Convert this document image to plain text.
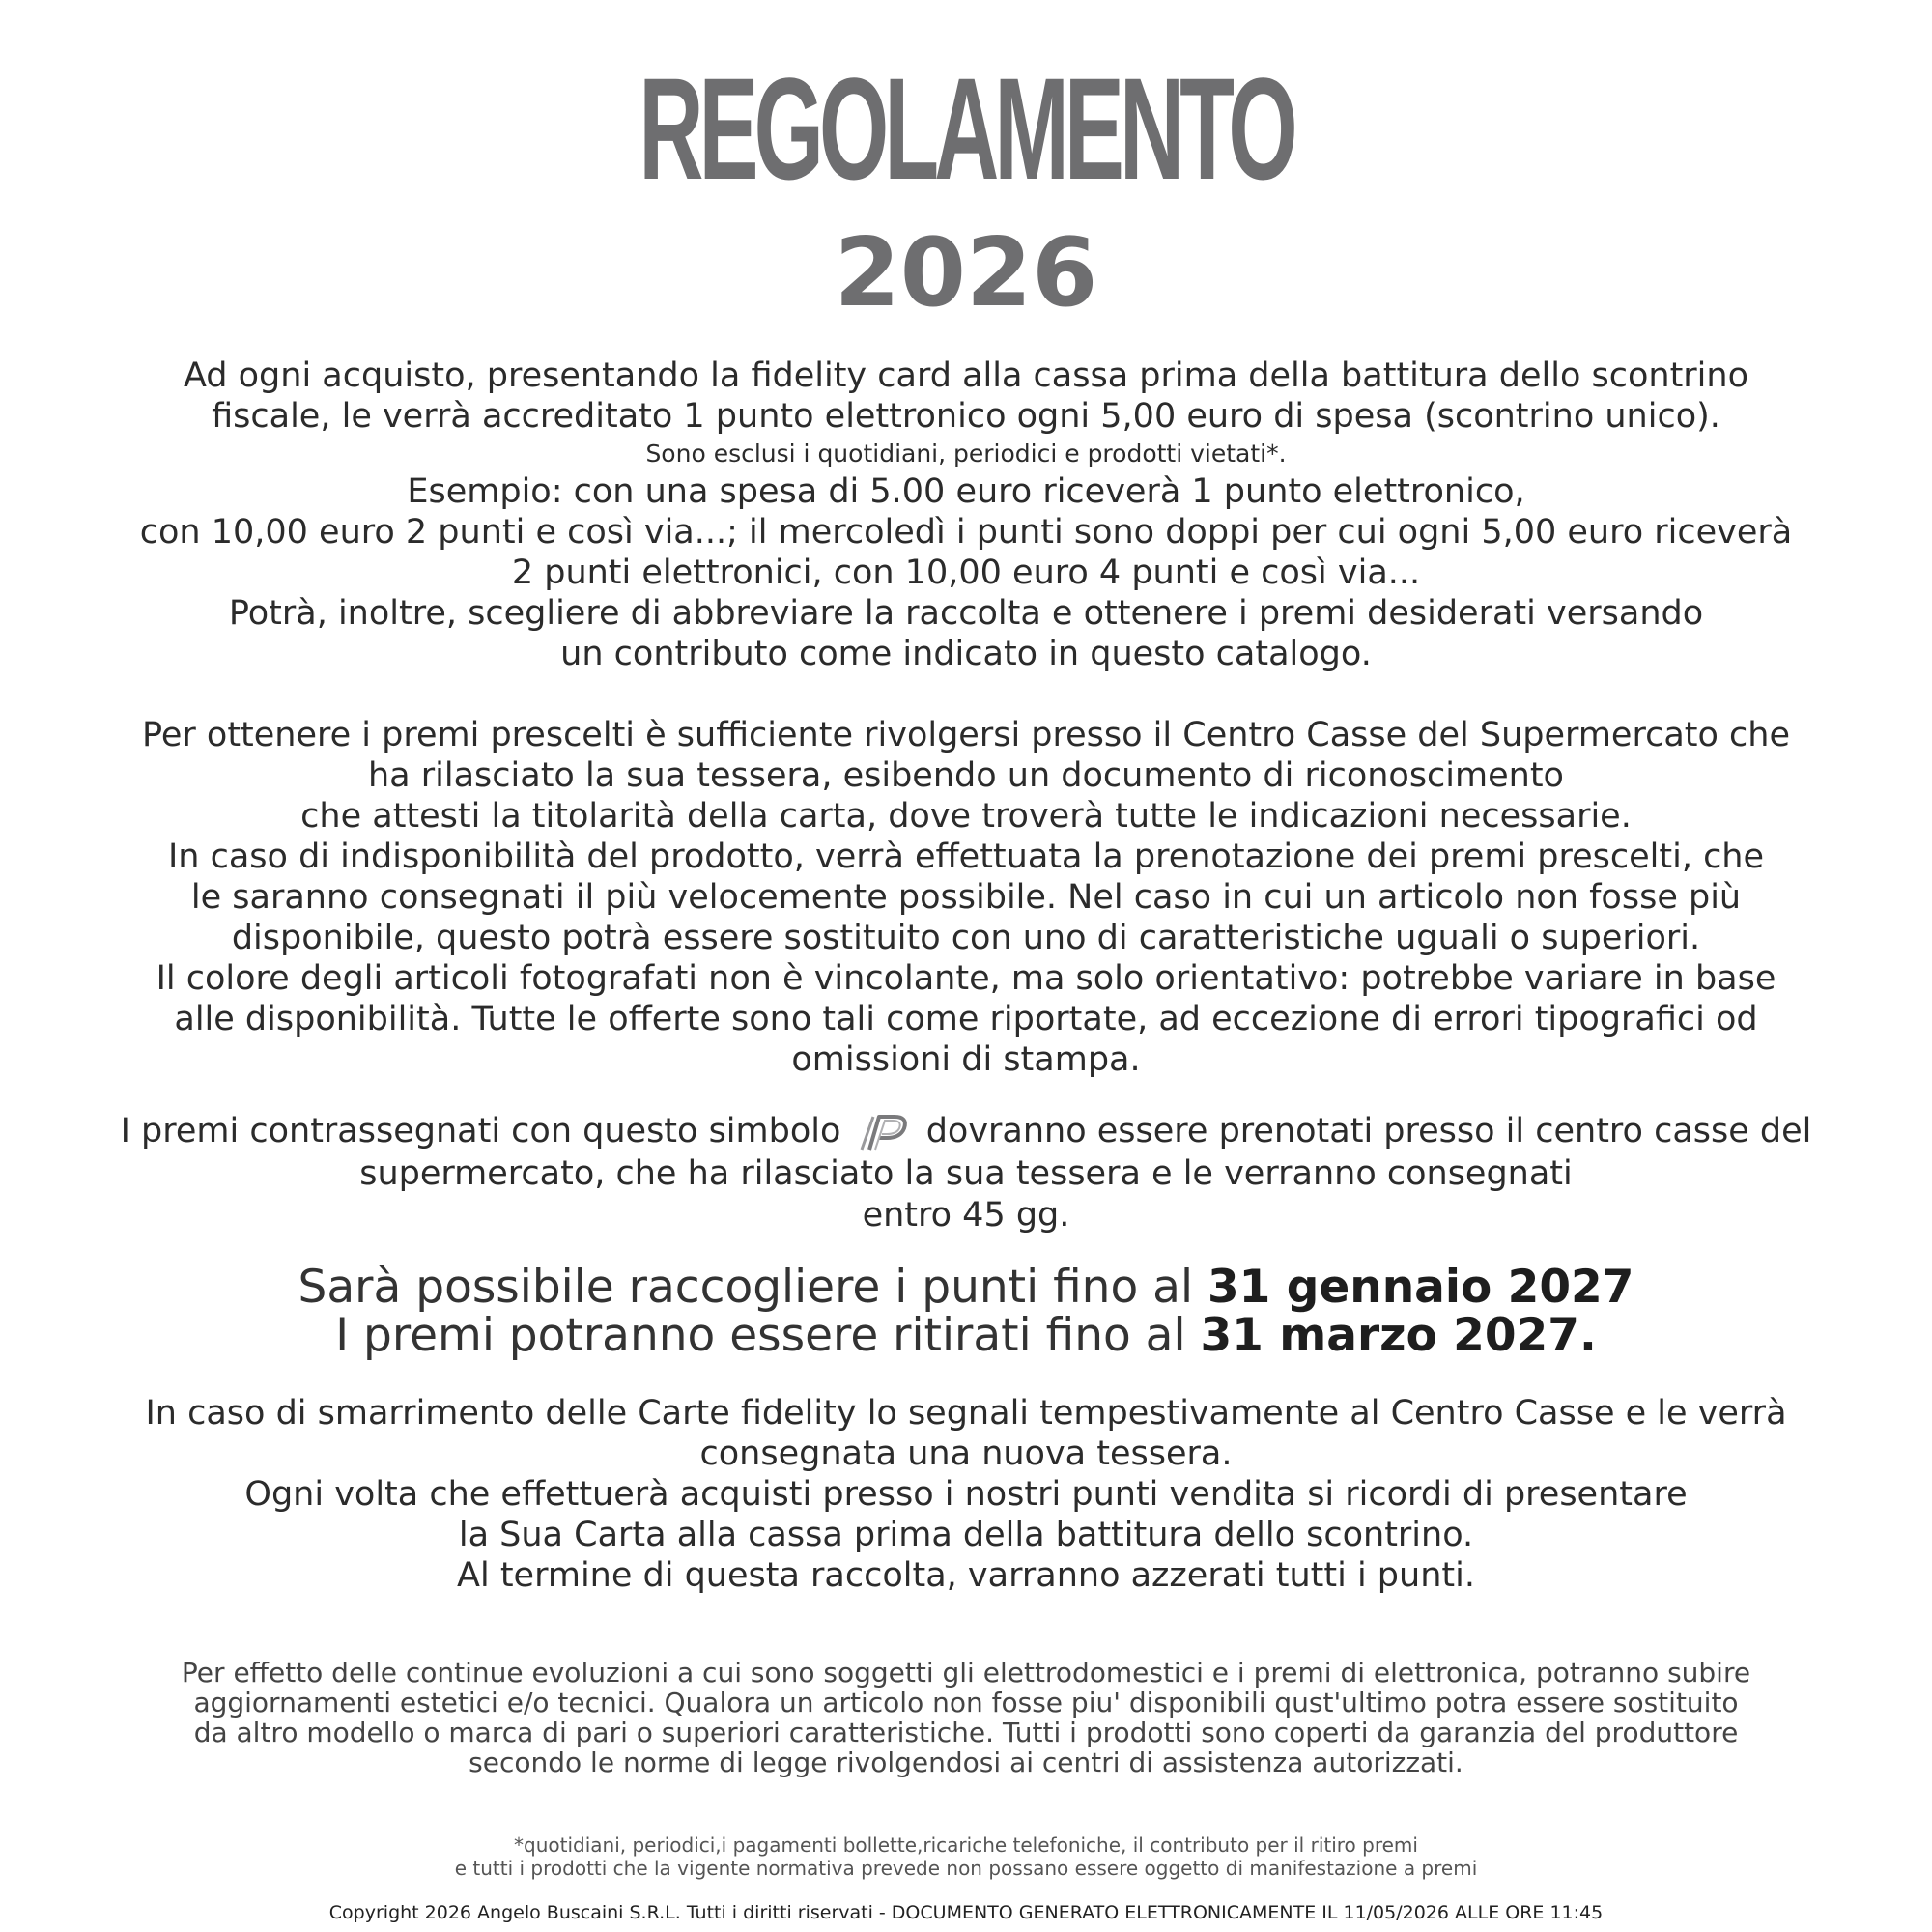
REGOLAMENTO
2026
Ad ogni acquisto, presentando la fidelity card alla cassa prima della battitura dello scontrino
fiscale, le verrà accreditato 1 punto elettronico ogni 5,00 euro di spesa (scontrino unico).
Sono esclusi i quotidiani, periodici e prodotti vietati*.
Esempio: con una spesa di 5.00 euro riceverà 1 punto elettronico,
con 10,00 euro 2 punti e così via...; il mercoledì i punti sono doppi per cui ogni 5,00 euro riceverà
2 punti elettronici, con 10,00 euro 4 punti e così via...
Potrà, inoltre, scegliere di abbreviare la raccolta e ottenere i premi desiderati versando
un contributo come indicato in questo catalogo.
Per ottenere i premi prescelti è sufficiente rivolgersi presso il Centro Casse del Supermercato che
ha rilasciato la sua tessera, esibendo un documento di riconoscimento
che attesti la titolarità della carta, dove troverà tutte le indicazioni necessarie.
In caso di indisponibilità del prodotto, verrà effettuata la prenotazione dei premi prescelti, che
le saranno consegnati il più velocemente possibile. Nel caso in cui un articolo non fosse più
disponibile, questo potrà essere sostituito con uno di caratteristiche uguali o superiori.
Il colore degli articoli fotografati non è vincolante, ma solo orientativo: potrebbe variare in base
alle disponibilità. Tutte le offerte sono tali come riportate, ad eccezione di errori tipografici od
omissioni di stampa.
I premi contrassegnati con questo simbolo	dovranno essere prenotati presso il centro casse del
supermercato, che ha rilasciato la sua tessera e le verranno consegnati
entro 45 gg.
Sarà possibile raccogliere i punti fino al 31 gennaio 2027
I premi potranno essere ritirati fino al 31 marzo 2027.
In caso di smarrimento delle Carte fidelity lo segnali tempestivamente al Centro Casse e le verrà
consegnata una nuova tessera.
Ogni volta che effettuerà acquisti presso i nostri punti vendita si ricordi di presentare
la Sua Carta alla cassa prima della battitura dello scontrino.
Al termine di questa raccolta, varranno azzerati tutti i punti.
Per effetto delle continue evoluzioni a cui sono soggetti gli elettrodomestici e i premi di elettronica, potranno subire
aggiornamenti estetici e/o tecnici. Qualora un articolo non fosse piu' disponibili qust'ultimo potra essere sostituito
da altro modello o marca di pari o superiori caratteristiche. Tutti i prodotti sono coperti da garanzia del produttore
secondo le norme di legge rivolgendosi ai centri di assistenza autorizzati.
*quotidiani, periodici,i pagamenti bollette,ricariche telefoniche, il contributo per il ritiro premi
e tutti i prodotti che la vigente normativa prevede non possano essere oggetto di manifestazione a premi
Copyright 2026 Angelo Buscaini S.R.L. Tutti i diritti riservati - DOCUMENTO GENERATO ELETTRONICAMENTE IL 11/05/2026 ALLE ORE 11:45
